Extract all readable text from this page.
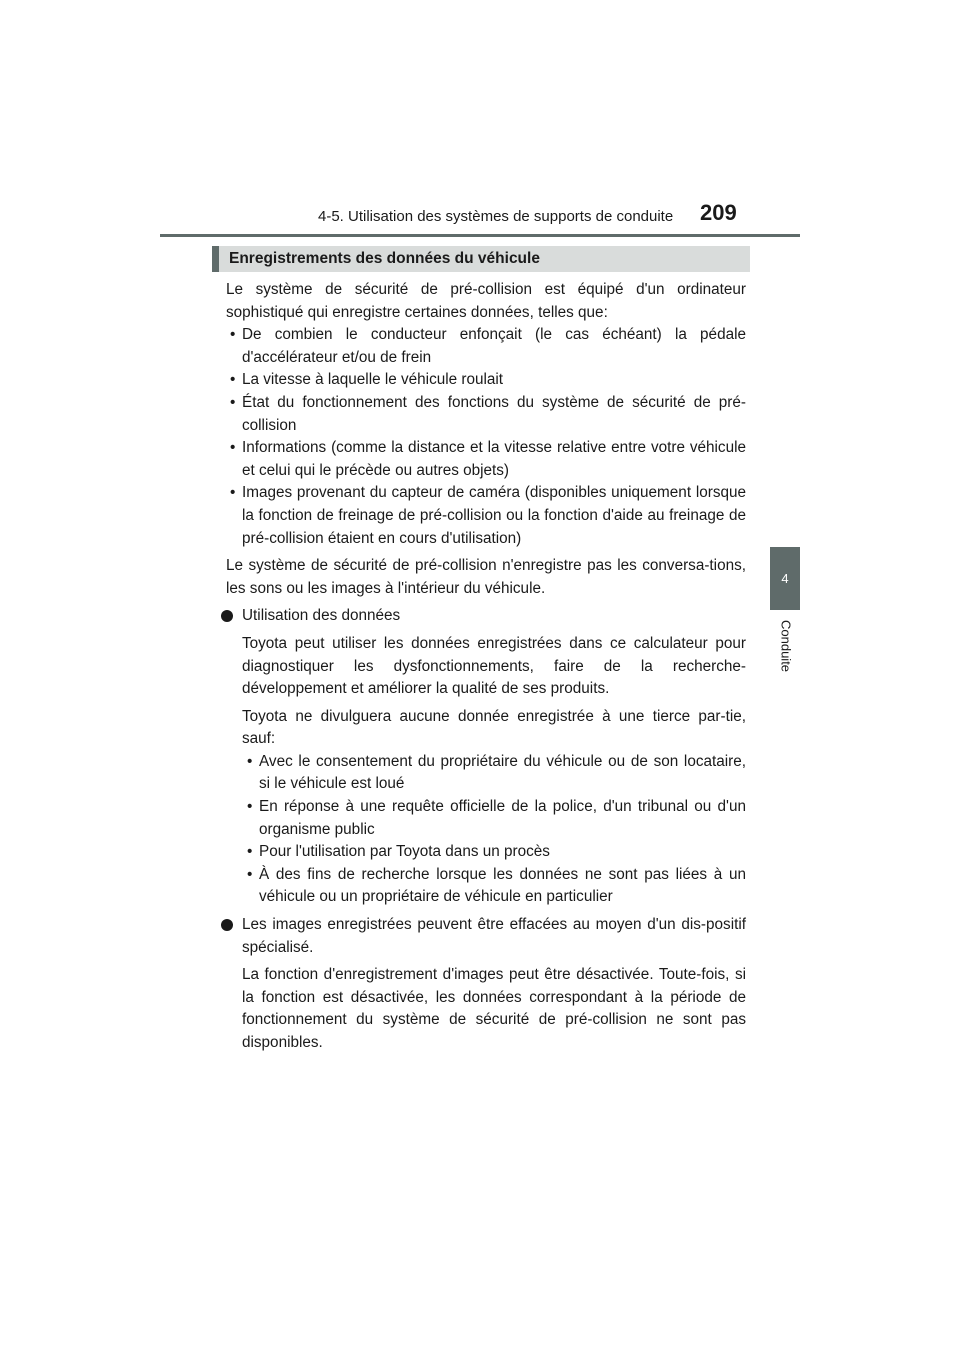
4-5. Utilisation des systèmes de supports de conduite 209
4
Conduite
Enregistrements des données du véhicule

Le système de sécurité de pré-collision est équipé d'un ordinateur sophistiqué qui enregistre certaines données, telles que:

• De combien le conducteur enfonçait (le cas échéant) la pédale d'accélérateur et/ou de frein

• La vitesse à laquelle le véhicule roulait

• État du fonctionnement des fonctions du système de sécurité de pré-collision

• Informations (comme la distance et la vitesse relative entre votre véhicule et celui qui le précède ou autres objets)

• Images provenant du capteur de caméra (disponibles uniquement lorsque la fonction de freinage de pré-collision ou la fonction d'aide au freinage de pré-collision étaient en cours d'utilisation)

Le système de sécurité de pré-collision n'enregistre pas les conversa-tions, les sons ou les images à l'intérieur du véhicule.

Utilisation des données

Toyota peut utiliser les données enregistrées dans ce calculateur pour diagnostiquer les dysfonctionnements, faire de la recherche-développement et améliorer la qualité de ses produits.

Toyota ne divulguera aucune donnée enregistrée à une tierce par-tie, sauf:

• Avec le consentement du propriétaire du véhicule ou de son locataire, si le véhicule est loué

• En réponse à une requête officielle de la police, d'un tribunal ou d'un organisme public

• Pour l'utilisation par Toyota dans un procès

• À des fins de recherche lorsque les données ne sont pas liées à un véhicule ou un propriétaire de véhicule en particulier

Les images enregistrées peuvent être effacées au moyen d'un dis-positif spécialisé.

La fonction d'enregistrement d'images peut être désactivée. Toute-fois, si la fonction est désactivée, les données correspondant à la période de fonctionnement du système de sécurité de pré-collision ne sont pas disponibles.
